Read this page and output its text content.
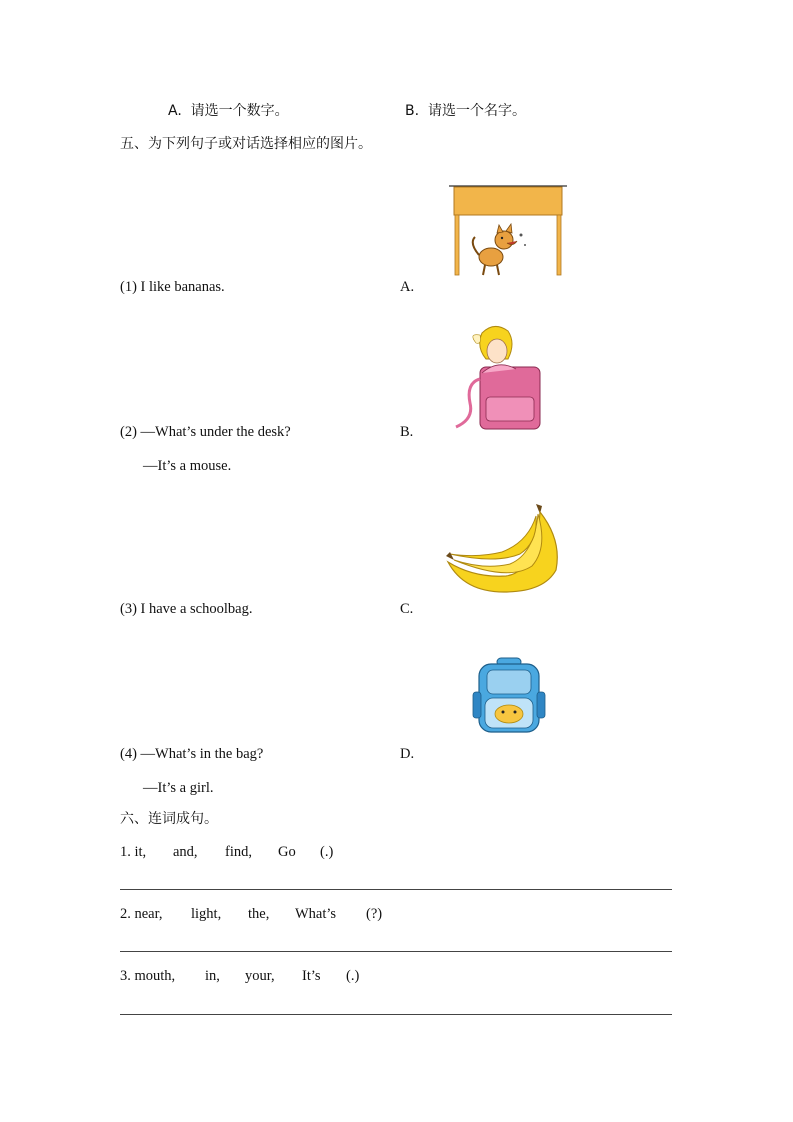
A.  请选一个数字。	B.  请选一个名字。
五、为下列句子或对话选择相应的图片。
(1) I like bananas.
(2) —What’s under the desk?
—It’s a mouse.
(3) I have a schoolbag.
(4) —What’s in the bag?
—It’s a girl.
A.
B.
C.
D.
六、连词成句。
1. it, and, find, Go (.)
2. near, light, the, What’s (?)
3. mouth, in, your, It’s (.)
